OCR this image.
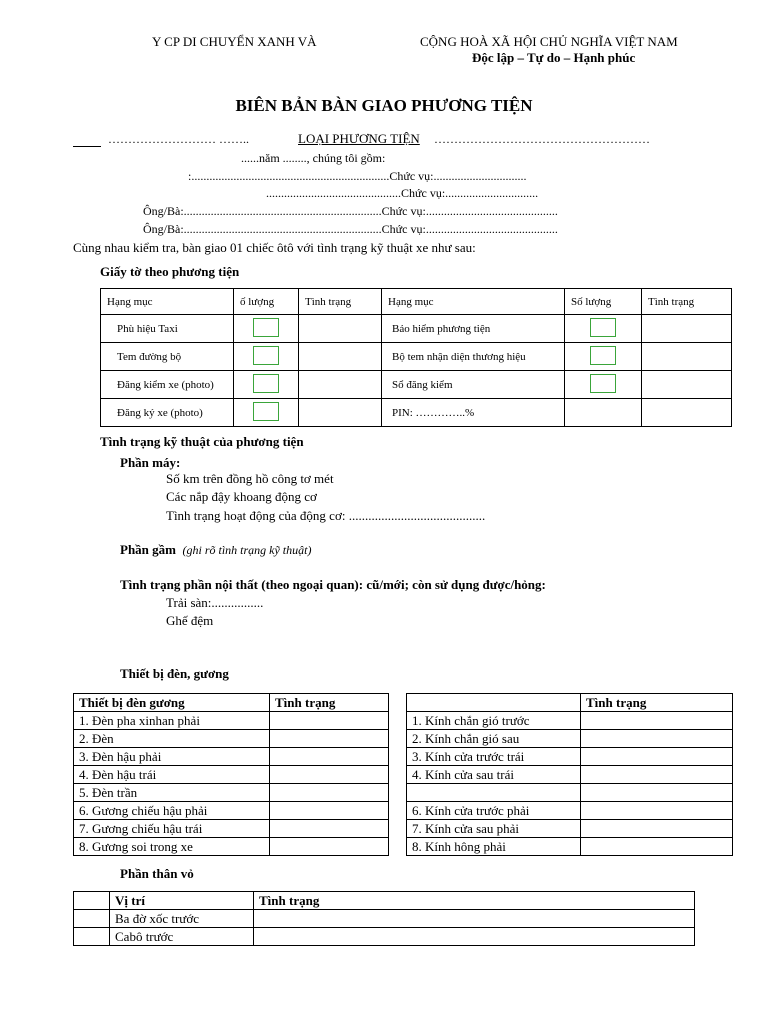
Y CP DI CHUYỂN XANH VÀ	CỘNG HOÀ XÃ HỘI CHỦ NGHĨA VIỆT NAM
Độc lập – Tự do – Hạnh phúc
BIÊN BẢN BÀN GIAO PHƯƠNG TIỆN
……………………… ……..	LOẠI PHƯƠNG TIỆN ………………………………………………
......năm ........, chúng tôi gồm:
:..................................................................Chức vụ:...............................
.............................................Chức vụ:...............................
Ông/Bà:..................................................................Chức vụ:............................................
Ông/Bà:..................................................................Chức vụ:............................................
Cùng nhau kiểm tra, bàn giao 01 chiếc ôtô với tình trạng kỹ thuật xe như sau:
Giấy tờ theo phương tiện
Hạng mục	ố lượng	Tình trạng	Hạng mục	Số lượng	Tình trạng
Phù hiệu Taxi			Bảo hiểm phương tiện		
Tem đường bộ			Bộ tem nhận diện thương hiệu		
Đăng kiểm xe (photo)			Sổ đăng kiểm		
Đăng ký xe (photo)			PIN: …………..%		
Tình trạng kỹ thuật của phương tiện
Phần máy:
Số km trên đồng hồ công tơ mét
Các nắp đậy khoang động cơ
Tình trạng hoạt động của động cơ: ..........................................
Phần gầm (ghi rõ tình trạng kỹ thuật)
Tình trạng phần nội thất (theo ngoại quan): cũ/mới; còn sử dụng được/hỏng:
Trải sàn:................
Ghế đệm
Thiết bị đèn, gương
Thiết bị đèn gương	Tình trạng
1. Đèn pha xinhan phải	
2. Đèn	
3. Đèn hậu phải	
4. Đèn hậu trái	
5. Đèn trần	
6. Gương chiếu hậu phải	
7. Gương chiếu hậu trái	
8. Gương soi trong xe	
	Tình trạng
1. Kính chắn gió trước	
2. Kính chắn gió sau	
3. Kính cửa trước trái	
4. Kính cửa sau trái	

6. Kính cửa trước phải	
7. Kính cửa sau phải	
8. Kính hông phải	
Phần thân vỏ
	Vị trí	Tình trạng
	Ba đờ xốc trước	
	Cabô trước	
